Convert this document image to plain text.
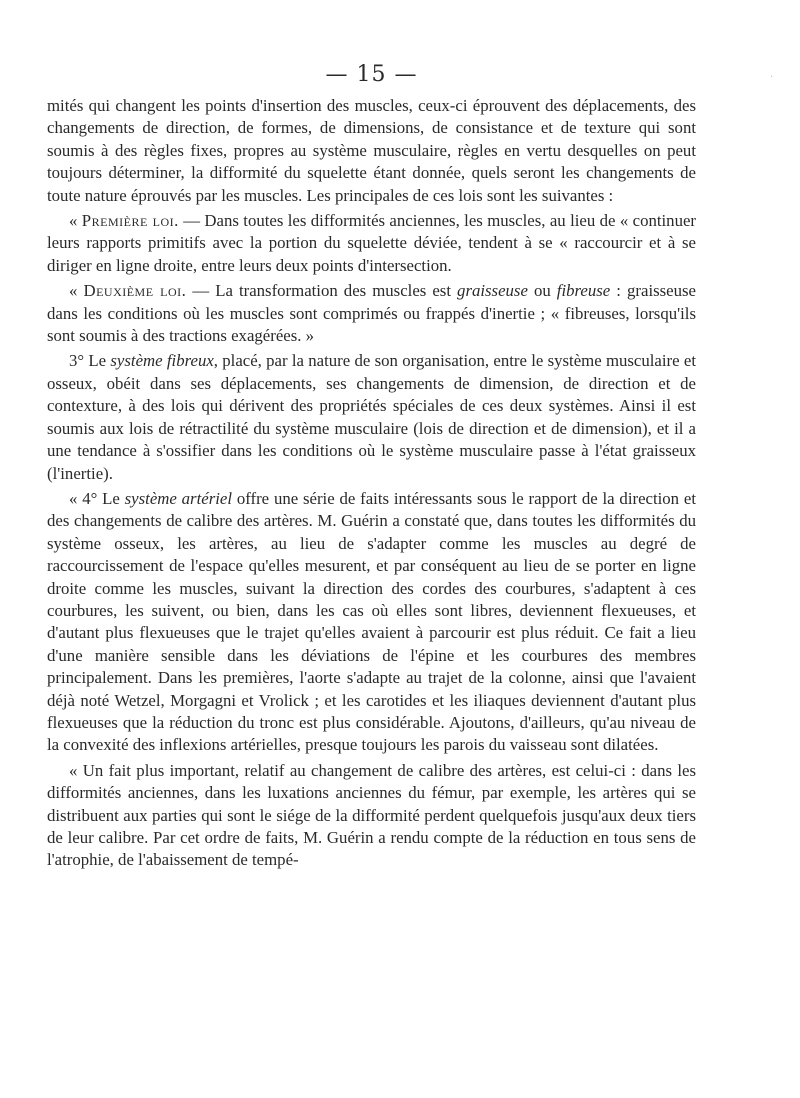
— 15 —

mités qui changent les points d'insertion des muscles, ceux-ci éprouvent des déplacements, des changements de direction, de formes, de dimensions, de consistance et de texture qui sont soumis à des règles fixes, propres au système musculaire, règles en vertu desquelles on peut toujours déterminer, la difformité du squelette étant donnée, quels seront les changements de toute nature éprouvés par les muscles. Les principales de ces lois sont les suivantes :

« Première loi. — Dans toutes les difformités anciennes, les muscles, au lieu de « continuer leurs rapports primitifs avec la portion du squelette déviée, tendent à se « raccourcir et à se diriger en ligne droite, entre leurs deux points d'intersection.

« Deuxième loi. — La transformation des muscles est graisseuse ou fibreuse : graisseuse dans les conditions où les muscles sont comprimés ou frappés d'inertie ; « fibreuses, lorsqu'ils sont soumis à des tractions exagérées. »

3° Le système fibreux, placé, par la nature de son organisation, entre le système musculaire et osseux, obéit dans ses déplacements, ses changements de dimension, de direction et de contexture, à des lois qui dérivent des propriétés spéciales de ces deux systèmes. Ainsi il est soumis aux lois de rétractilité du système musculaire (lois de direction et de dimension), et il a une tendance à s'ossifier dans les conditions où le système musculaire passe à l'état graisseux (l'inertie).

« 4° Le système artériel offre une série de faits intéressants sous le rapport de la direction et des changements de calibre des artères. M. Guérin a constaté que, dans toutes les difformités du système osseux, les artères, au lieu de s'adapter comme les muscles au degré de raccourcissement de l'espace qu'elles mesurent, et par conséquent au lieu de se porter en ligne droite comme les muscles, suivant la direction des cordes des courbures, s'adaptent à ces courbures, les suivent, ou bien, dans les cas où elles sont libres, deviennent flexueuses, et d'autant plus flexueuses que le trajet qu'elles avaient à parcourir est plus réduit. Ce fait a lieu d'une manière sensible dans les déviations de l'épine et les courbures des membres principalement. Dans les premières, l'aorte s'adapte au trajet de la colonne, ainsi que l'avaient déjà noté Wetzel, Morgagni et Vrolick ; et les carotides et les iliaques deviennent d'autant plus flexueuses que la réduction du tronc est plus considérable. Ajoutons, d'ailleurs, qu'au niveau de la convexité des inflexions artérielles, presque toujours les parois du vaisseau sont dilatées.

« Un fait plus important, relatif au changement de calibre des artères, est celui-ci : dans les difformités anciennes, dans les luxations anciennes du fémur, par exemple, les artères qui se distribuent aux parties qui sont le siége de la difformité perdent quelquefois jusqu'aux deux tiers de leur calibre. Par cet ordre de faits, M. Guérin a rendu compte de la réduction en tous sens de l'atrophie, de l'abaissement de tempé-

·
